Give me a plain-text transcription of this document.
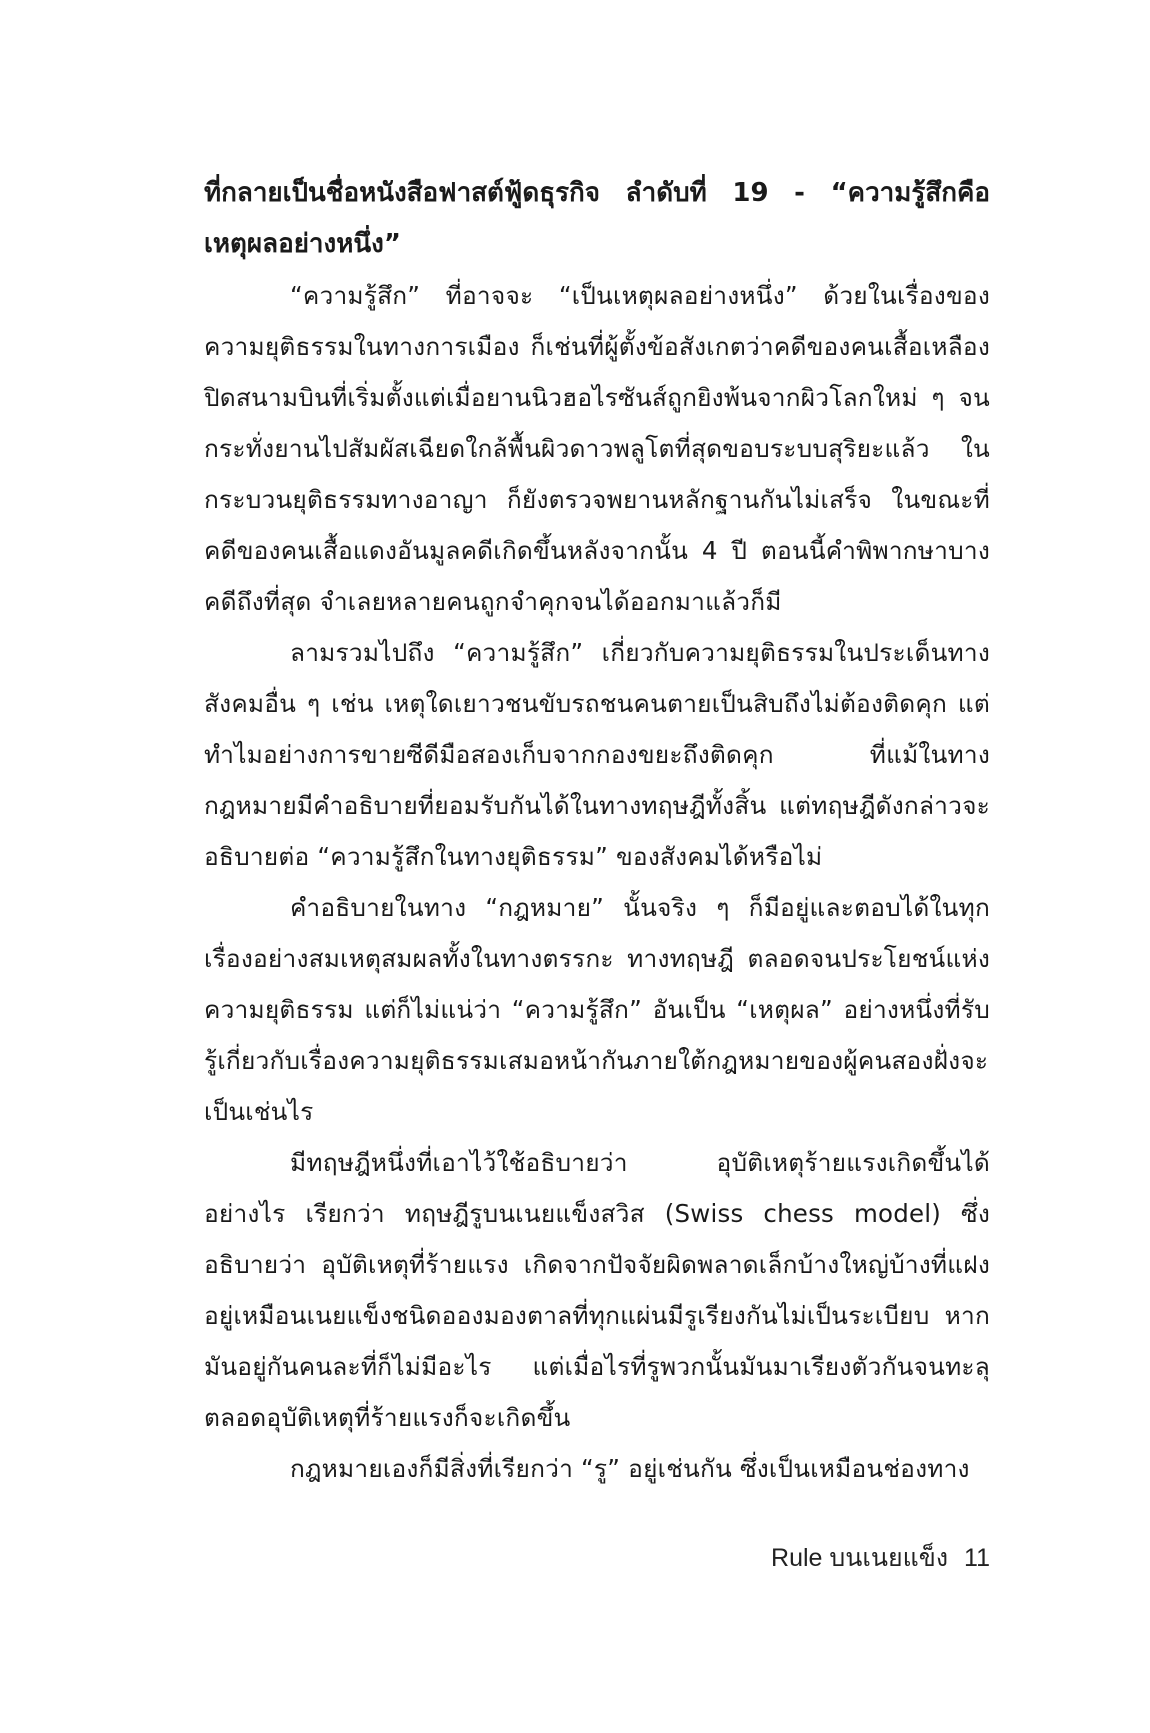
ที่กลายเป็นชื่อหนังสือฟาสต์ฟู้ดธุรกิจ ลำดับที่ 19 - “ความรู้สึกคือเหตุผลอย่างหนึ่ง”

“ความรู้สึก” ที่อาจจะ “เป็นเหตุผลอย่างหนึ่ง” ด้วยในเรื่องของความยุติธรรมในทางการเมือง ก็เช่นที่ผู้ตั้งข้อสังเกตว่าคดีของคนเสื้อเหลืองปิดสนามบินที่เริ่มตั้งแต่เมื่อยานนิวฮอไรซันส์ถูกยิงพ้นจากผิวโลกใหม่ ๆ จนกระทั่งยานไปสัมผัสเฉียดใกล้พื้นผิวดาวพลูโตที่สุดขอบระบบสุริยะแล้ว ในกระบวนยุติธรรมทางอาญา ก็ยังตรวจพยานหลักฐานกันไม่เสร็จ ในขณะที่คดีของคนเสื้อแดงอันมูลคดีเกิดขึ้นหลังจากนั้น 4 ปี ตอนนี้คำพิพากษาบางคดีถึงที่สุด จำเลยหลายคนถูกจำคุกจนได้ออกมาแล้วก็มี

ลามรวมไปถึง “ความรู้สึก” เกี่ยวกับความยุติธรรมในประเด็นทางสังคมอื่น ๆ เช่น เหตุใดเยาวชนขับรถชนคนตายเป็นสิบถึงไม่ต้องติดคุก แต่ทำไมอย่างการขายซีดีมือสองเก็บจากกองขยะถึงติดคุก ที่แม้ในทางกฎหมายมีคำอธิบายที่ยอมรับกันได้ในทางทฤษฎีทั้งสิ้น แต่ทฤษฎีดังกล่าวจะอธิบายต่อ “ความรู้สึกในทางยุติธรรม” ของสังคมได้หรือไม่

คำอธิบายในทาง “กฎหมาย” นั้นจริง ๆ ก็มีอยู่และตอบได้ในทุกเรื่องอย่างสมเหตุสมผลทั้งในทางตรรกะ ทางทฤษฎี ตลอดจนประโยชน์แห่งความยุติธรรม แต่ก็ไม่แน่ว่า “ความรู้สึก” อันเป็น “เหตุผล” อย่างหนึ่งที่รับรู้เกี่ยวกับเรื่องความยุติธรรมเสมอหน้ากันภายใต้กฎหมายของผู้คนสองฝั่งจะเป็นเช่นไร

มีทฤษฎีหนึ่งที่เอาไว้ใช้อธิบายว่า อุบัติเหตุร้ายแรงเกิดขึ้นได้อย่างไร เรียกว่า ทฤษฎีรูบนเนยแข็งสวิส (Swiss chess model) ซึ่งอธิบายว่า อุบัติเหตุที่ร้ายแรง เกิดจากปัจจัยผิดพลาดเล็กบ้างใหญ่บ้างที่แฝงอยู่เหมือนเนยแข็งชนิดอองมองตาลที่ทุกแผ่นมีรูเรียงกันไม่เป็นระเบียบ หากมันอยู่กันคนละที่ก็ไม่มีอะไร แต่เมื่อไรที่รูพวกนั้นมันมาเรียงตัวกันจนทะลุตลอดอุบัติเหตุที่ร้ายแรงก็จะเกิดขึ้น

กฎหมายเองก็มีสิ่งที่เรียกว่า “รู” อยู่เช่นกัน ซึ่งเป็นเหมือนช่องทาง

Rule บนเนยแข็ง 11
